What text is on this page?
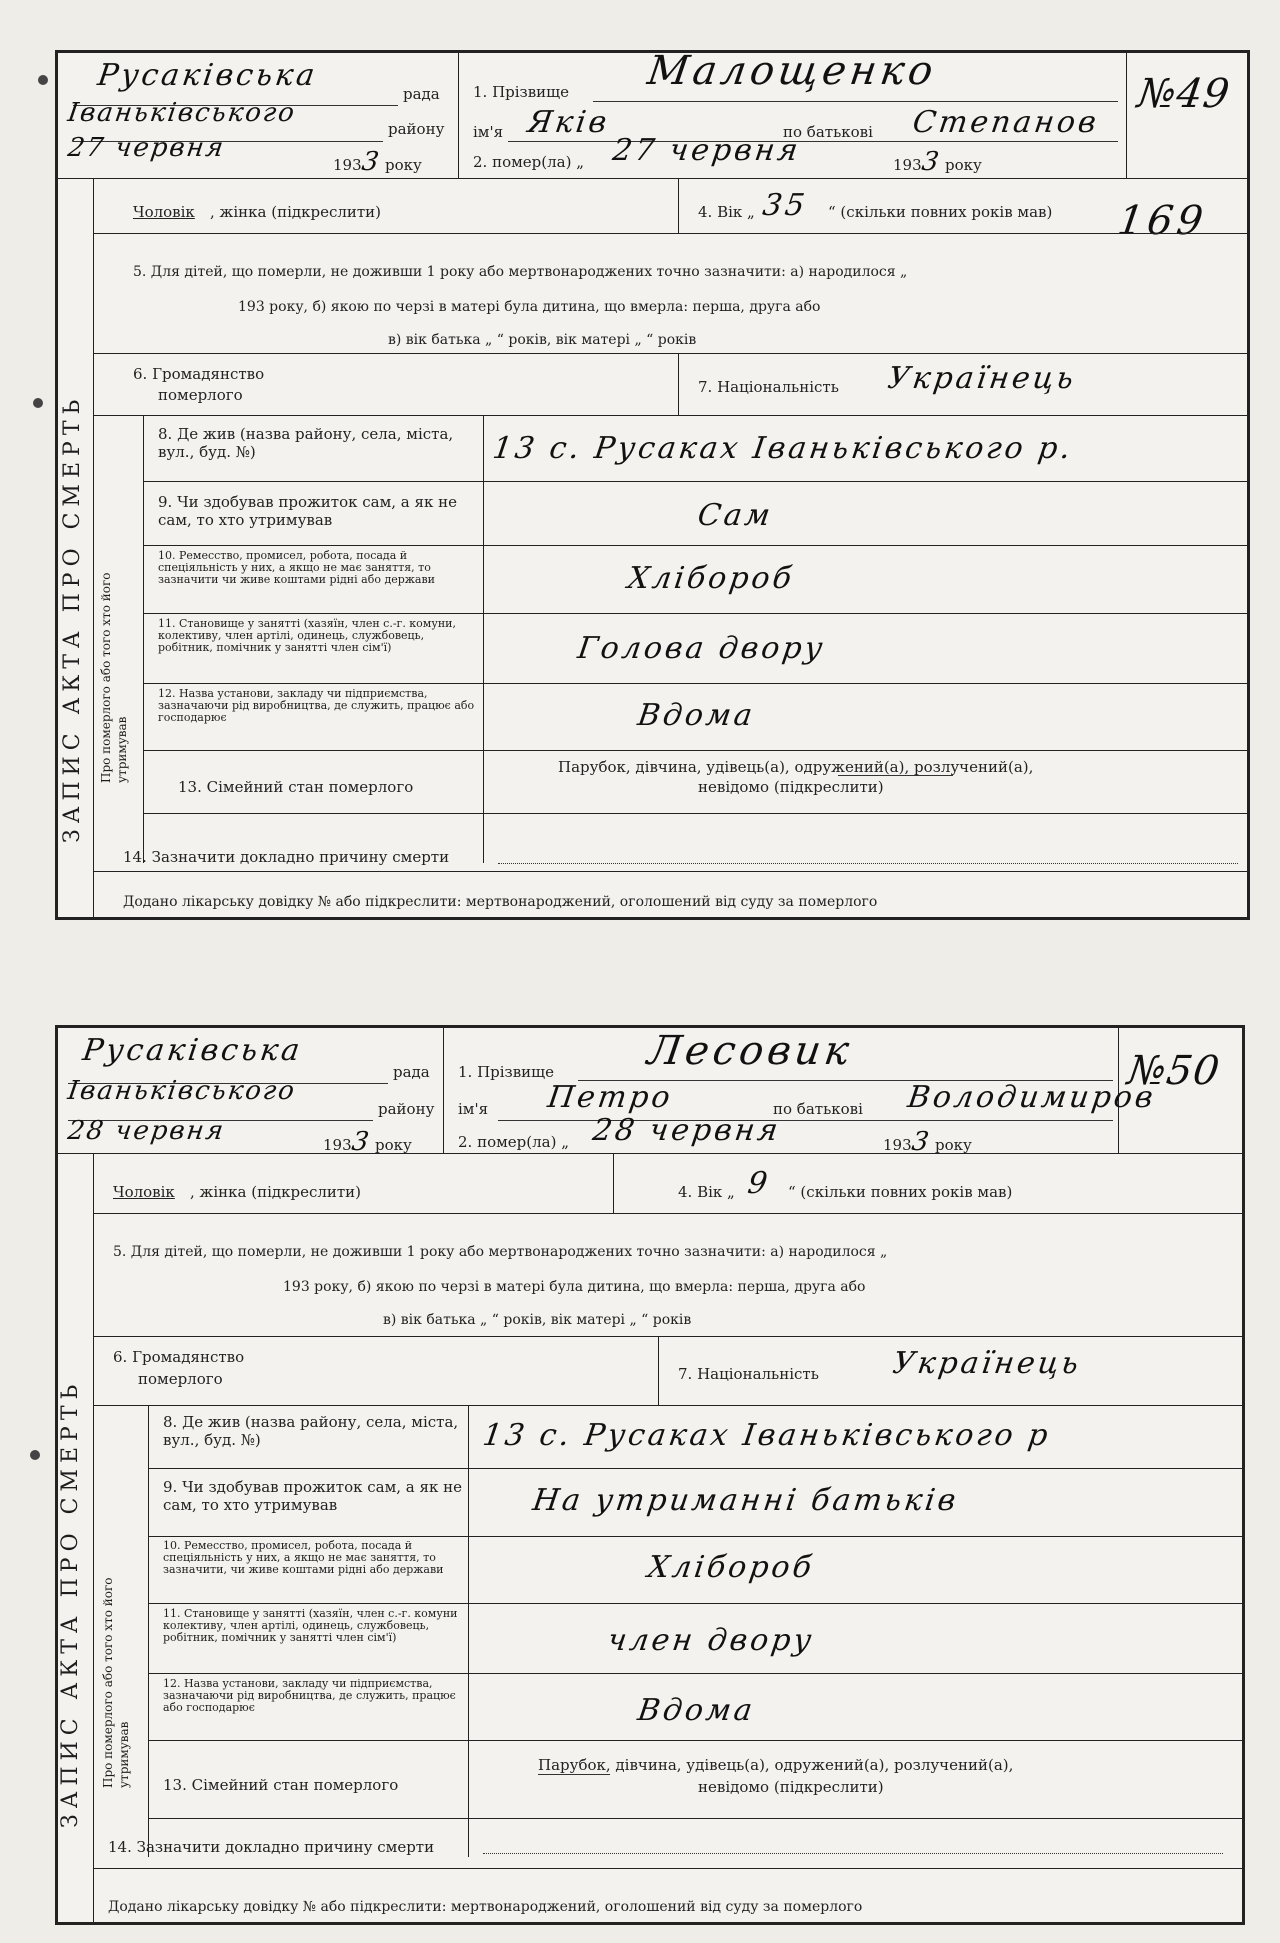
Русаківська
рада
Іваньківського
району
27 червня
1933 року
1. Прізвище Малощенко
ім'я Яків	по батькові Степанов
2. помер(ла) „ 27 червня	1933 року
№49
ЗАПИС АКТА ПРО СМЕРТЬ Про померлого або того хто його утримував
Чоловік , жінка (підкреслити)	4. Вік „ 35 “ (скільки повних років мав) 169
5. Для дітей, що померли, не доживши 1 року або мертвонароджених точно зазначити: а) народилося „
193 року, б) якою по черзі в матері була дитина, що вмерла: перша, друга або
в) вік батька „ “ років, вік матері „ “ років
6. Громадянство
померлого	7. Національність Українець
8. Де жив (назва району, села, міста, вул., буд. №)	13 с. Русаках Іваньківського р.
9. Чи здобував прожиток сам, а як не сам, то хто утримував	Сам
10. Ремесство, промисел, робота, посада й спеціяльність у них, а якщо не має заняття, то зазначити чи живе коштами рідні або держави	Хлібороб
11. Становище у занятті (хазяїн, член с.-г. комуни, колективу, член артілі, одинець, службовець, робітник, помічник у занятті член сім'ї)	Голова двору
12. Назва установи, закладу чи підприємства, зазначаючи рід виробництва, де служить, працює або господарює	Вдома
13. Сімейний стан померлого
Парубок, дівчина, удівець(а), одружений(а), розлучений(а),
невідомо (підкреслити)
14. Зазначити докладно причину смерти
Додано лікарську довідку № або підкреслити: мертвонароджений, оголошений від суду за померлого
Русаківська
рада
Іваньківського
району
28 червня	1933 року
1. Прізвище Лесовик
ім'я Петро	по батькові Володимиров
2. помер(ла) „ 28 червня	1933 року
№50
ЗАПИС АКТА ПРО СМЕРТЬ Про померлого або того хто його утримував
Чоловік , жінка (підкреслити)	4. Вік „ 9 “ (скільки повних років мав)
5. Для дітей, що померли, не доживши 1 року або мертвонароджених точно зазначити: а) народилося „
193 року, б) якою по черзі в матері була дитина, що вмерла: перша, друга або
в) вік батька „ “ років, вік матері „ “ років
6. Громадянство
померлого	7. Національність Українець
8. Де жив (назва району, села, міста, вул., буд. №)	13 с. Русаках Іваньківського р
9. Чи здобував прожиток сам, а як не сам, то хто утримував	На утриманні батьків
10. Ремесство, промисел, робота, посада й спеціяльність у них, а якщо не має заняття, то зазначити, чи живе коштами рідні або держави	Хлібороб
11. Становище у занятті (хазяїн, член с.-г. комуни колективу, член артілі, одинець, службовець, робітник, помічник у занятті член сім'ї)	член двору
12. Назва установи, закладу чи підприємства, зазначаючи рід виробництва, де служить, працює або господарює	Вдома
13. Сімейний стан померлого
Парубок, дівчина, удівець(а), одружений(а), розлучений(а),
невідомо (підкреслити)
14. Зазначити докладно причину смерти
Додано лікарську довідку № або підкреслити: мертвонароджений, оголошений від суду за померлого
